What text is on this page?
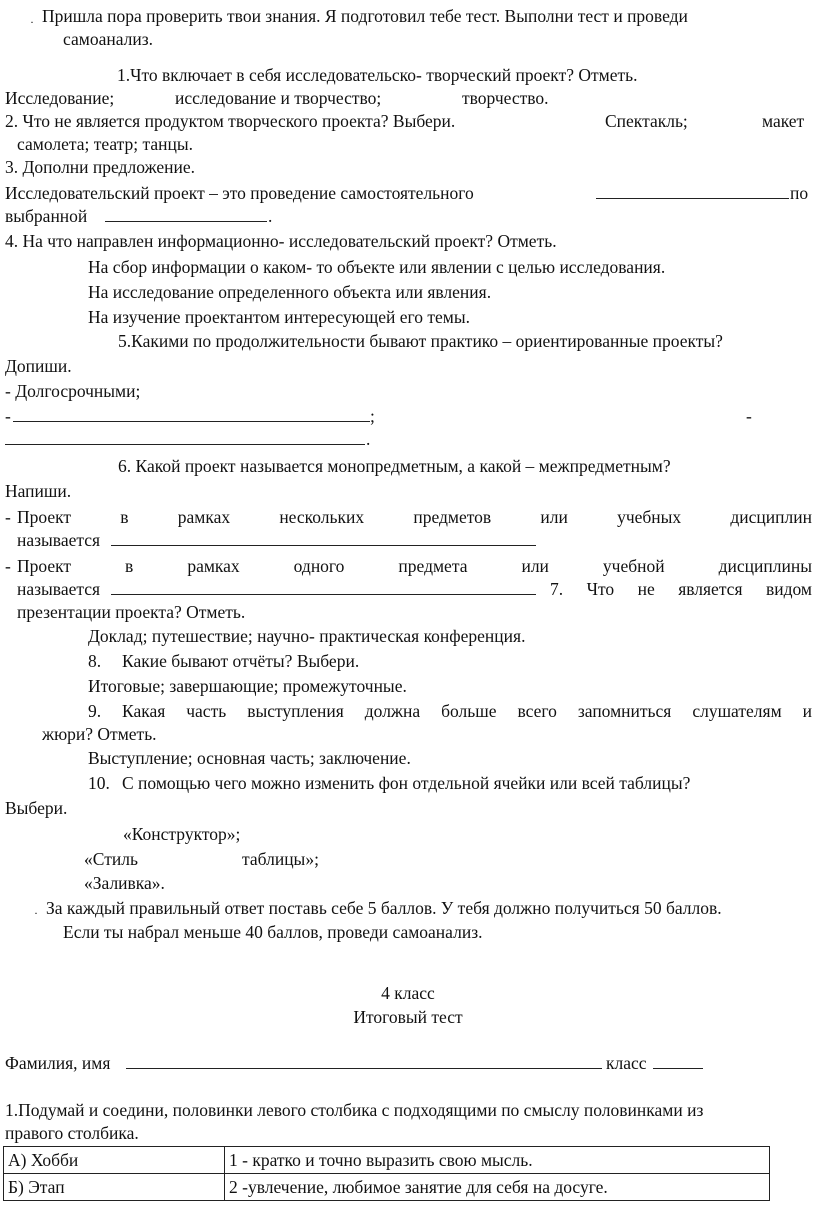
· Пришла пора проверить твои знания. Я подготовил тебе тест. Выполни тест и проведи
самоанализ.
1.Что включает в себя исследовательско- творческий проект? Отметь.
Исследование;	исследование и творчество;	творчество.
2. Что не является продуктом творческого проекта? Выбери.	Спектакль;	макет
самолета; театр; танцы.
3. Дополни предложение.
Исследовательский проект – это проведение самостоятельного	по
выбранной	.
4. На что направлен информационно- исследовательский проект? Отметь.
На сбор информации о каком- то объекте или явлении с целью исследования.
На исследование определенного объекта или явления.
На изучение проектантом интересующей его темы.
5.Какими по продолжительности бывают практико – ориентированные проекты?
Допиши.
- Долгосрочными;
-	;	-
.
6. Какой проект называется монопредметным, а какой – межпредметным?
Напиши.
- Проект в рамках нескольких предметов или учебных дисциплин
называется
- Проект в рамках одного предмета или учебной дисциплины
называется	7. Что не является видом
презентации проекта? Отметь.
Доклад; путешествие; научно- практическая конференция.
8. Какие бывают отчёты? Выбери.
Итоговые; завершающие; промежуточные.
9. Какая часть выступления должна больше всего запомниться слушателям и
жюри? Отметь.
Выступление; основная часть; заключение.
10. С помощью чего можно изменить фон отдельной ячейки или всей таблицы?
Выбери.
«Конструктор»;
«Стиль	таблицы»;
«Заливка».
· За каждый правильный ответ поставь себе 5 баллов. У тебя должно получиться 50 баллов.
Если ты набрал меньше 40 баллов, проведи самоанализ.
4 класс
Итоговый тест
Фамилия, имя	класс
1.Подумай и соедини, половинки левого столбика с подходящими по смыслу половинками из
правого столбика.
А) Хобби	1 - кратко и точно выразить свою мысль.
Б) Этап	2 -увлечение, любимое занятие для себя на досуге.
